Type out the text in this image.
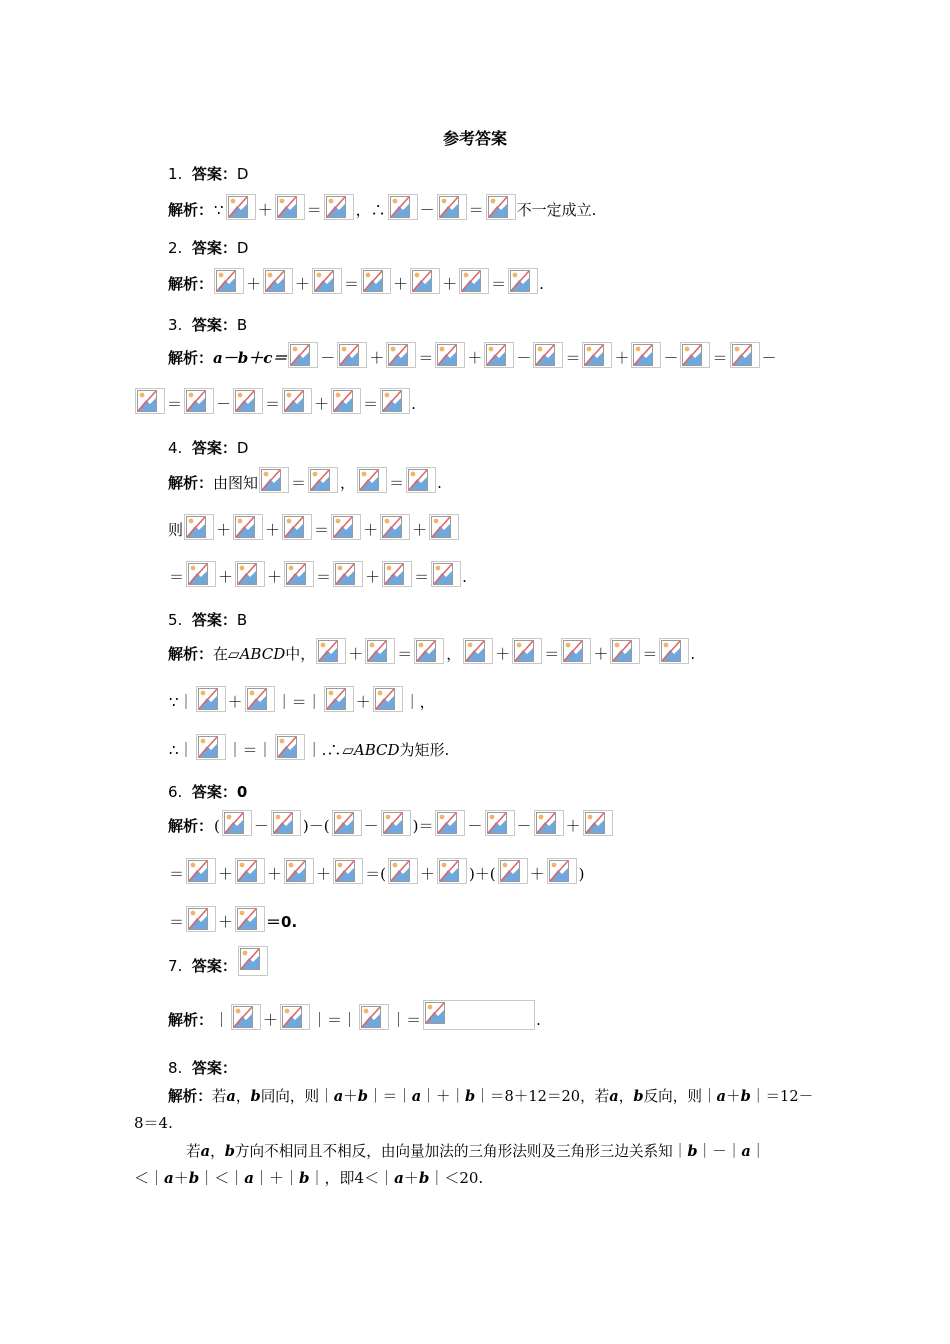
参考答案
1.
答案： D
解析： ∵ ＋ ＝ ，∴ － ＝ 不一定成立.
2.
答案： D
解析： ＋ ＋ ＝ ＋ ＋ ＝ .
3.
答案： B
解析： a－b＋c＝ － ＋ ＝ ＋ － ＝ ＋ － ＝ －
＝ － ＝ ＋ ＝ .
4.
答案： D
解析： 由图知 ＝ ， ＝ .
则 ＋ ＋ ＝ ＋ ＋
＝ ＋ ＋ ＝ ＋ ＝ .
5.
答案： B
解析： 在 ▱ ABCD 中， ＋ ＝ ， ＋ ＝ ＋ ＝ .
∵｜ ＋ ｜＝｜ ＋ ｜，
∴｜ ｜＝｜ ｜.∴ ▱ ABCD 为矩形.
6.
答案： 0
解析： ( － )－( － )＝ － － ＋
＝ ＋ ＋ ＋ ＝( ＋ )＋( ＋ )
＝ ＋ ＝0.
7.
答案：
解析： ｜ ＋ ｜＝｜ ｜＝	.
8.
答案：
解析： 若 a ， b 同向，则｜ a ＋ b ｜＝｜ a ｜＋｜ b ｜＝8＋12＝20，若 a ， b 反向，则｜ a ＋ b ｜＝12－
8＝4.
若 a ， b 方向不相同且不相反，由向量加法的三角形法则及三角形三边关系知｜ b ｜－｜ a ｜
＜｜ a ＋ b ｜＜｜ a ｜＋｜ b ｜，即4＜｜ a ＋ b ｜＜20.
